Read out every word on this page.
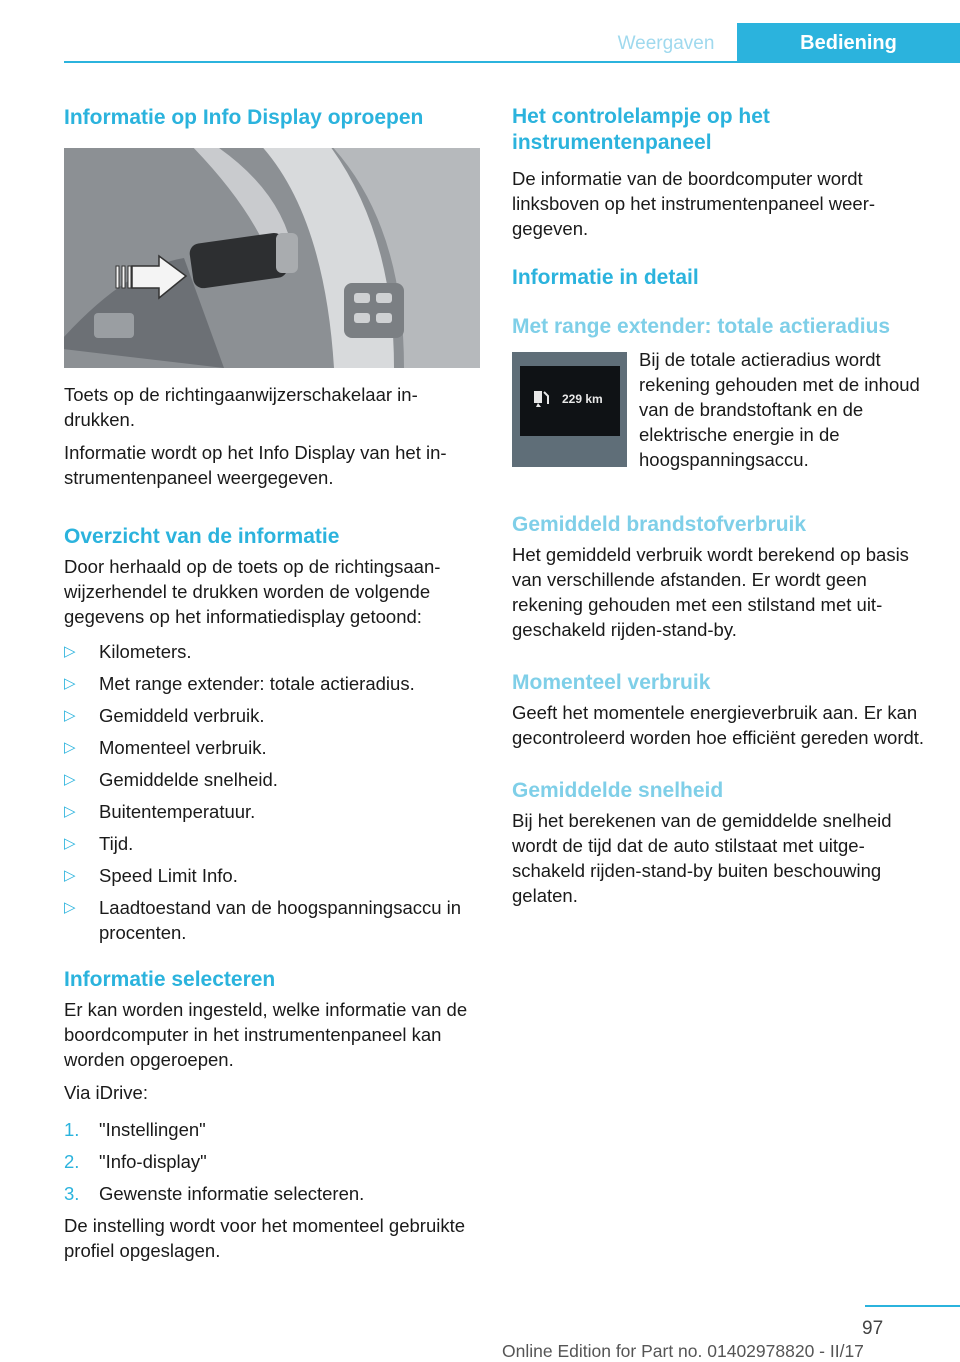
Weergaven	Bediening
Informatie op Info Display oproepen

Toets op de richtingaanwijzerschakelaar indrukken.

Informatie wordt op het Info Display van het instrumentenpaneel weergegeven.

Overzicht van de informatie

Door herhaald op de toets op de richtingsaanwijzerhendel te drukken worden de volgende gegevens op het informatiedisplay getoond:

▷ Kilometers.
▷ Met range extender: totale actieradius.
▷ Gemiddeld verbruik.
▷ Momenteel verbruik.
▷ Gemiddelde snelheid.
▷ Buitentemperatuur.
▷ Tijd.
▷ Speed Limit Info.
▷ Laadtoestand van de hoogspanningsaccu in procenten.
Informatie selecteren

Er kan worden ingesteld, welke informatie van de boordcomputer in het instrumentenpaneel kan worden opgeroepen.

Via iDrive:

1. "Instellingen"
2. "Info-display"
3. Gewenste informatie selecteren.

De instelling wordt voor het momenteel gebruikte profiel opgeslagen.

Het controlelampje op het instrumentenpaneel

De informatie van de boordcomputer wordt linksboven op het instrumentenpaneel weergegeven.

Informatie in detail
Met range extender: totale actieradius
229 km

Bij de totale actieradius wordt rekening gehouden met de inhoud van de brandstoftank en de elektrische energie in de hoogspanningsaccu.

Gemiddeld brandstofverbruik

Het gemiddeld verbruik wordt berekend op basis van verschillende afstanden. Er wordt geen rekening gehouden met een stilstand met uitgeschakeld rijden-stand-by.

Momenteel verbruik

Geeft het momentele energieverbruik aan. Er kan gecontroleerd worden hoe efficiënt gereden wordt.

Gemiddelde snelheid

Bij het berekenen van de gemiddelde snelheid wordt de tijd dat de auto stilstaat met uitgeschakeld rijden-stand-by buiten beschouwing gelaten.

97
Online Edition for Part no. 01402978820 - II/17
